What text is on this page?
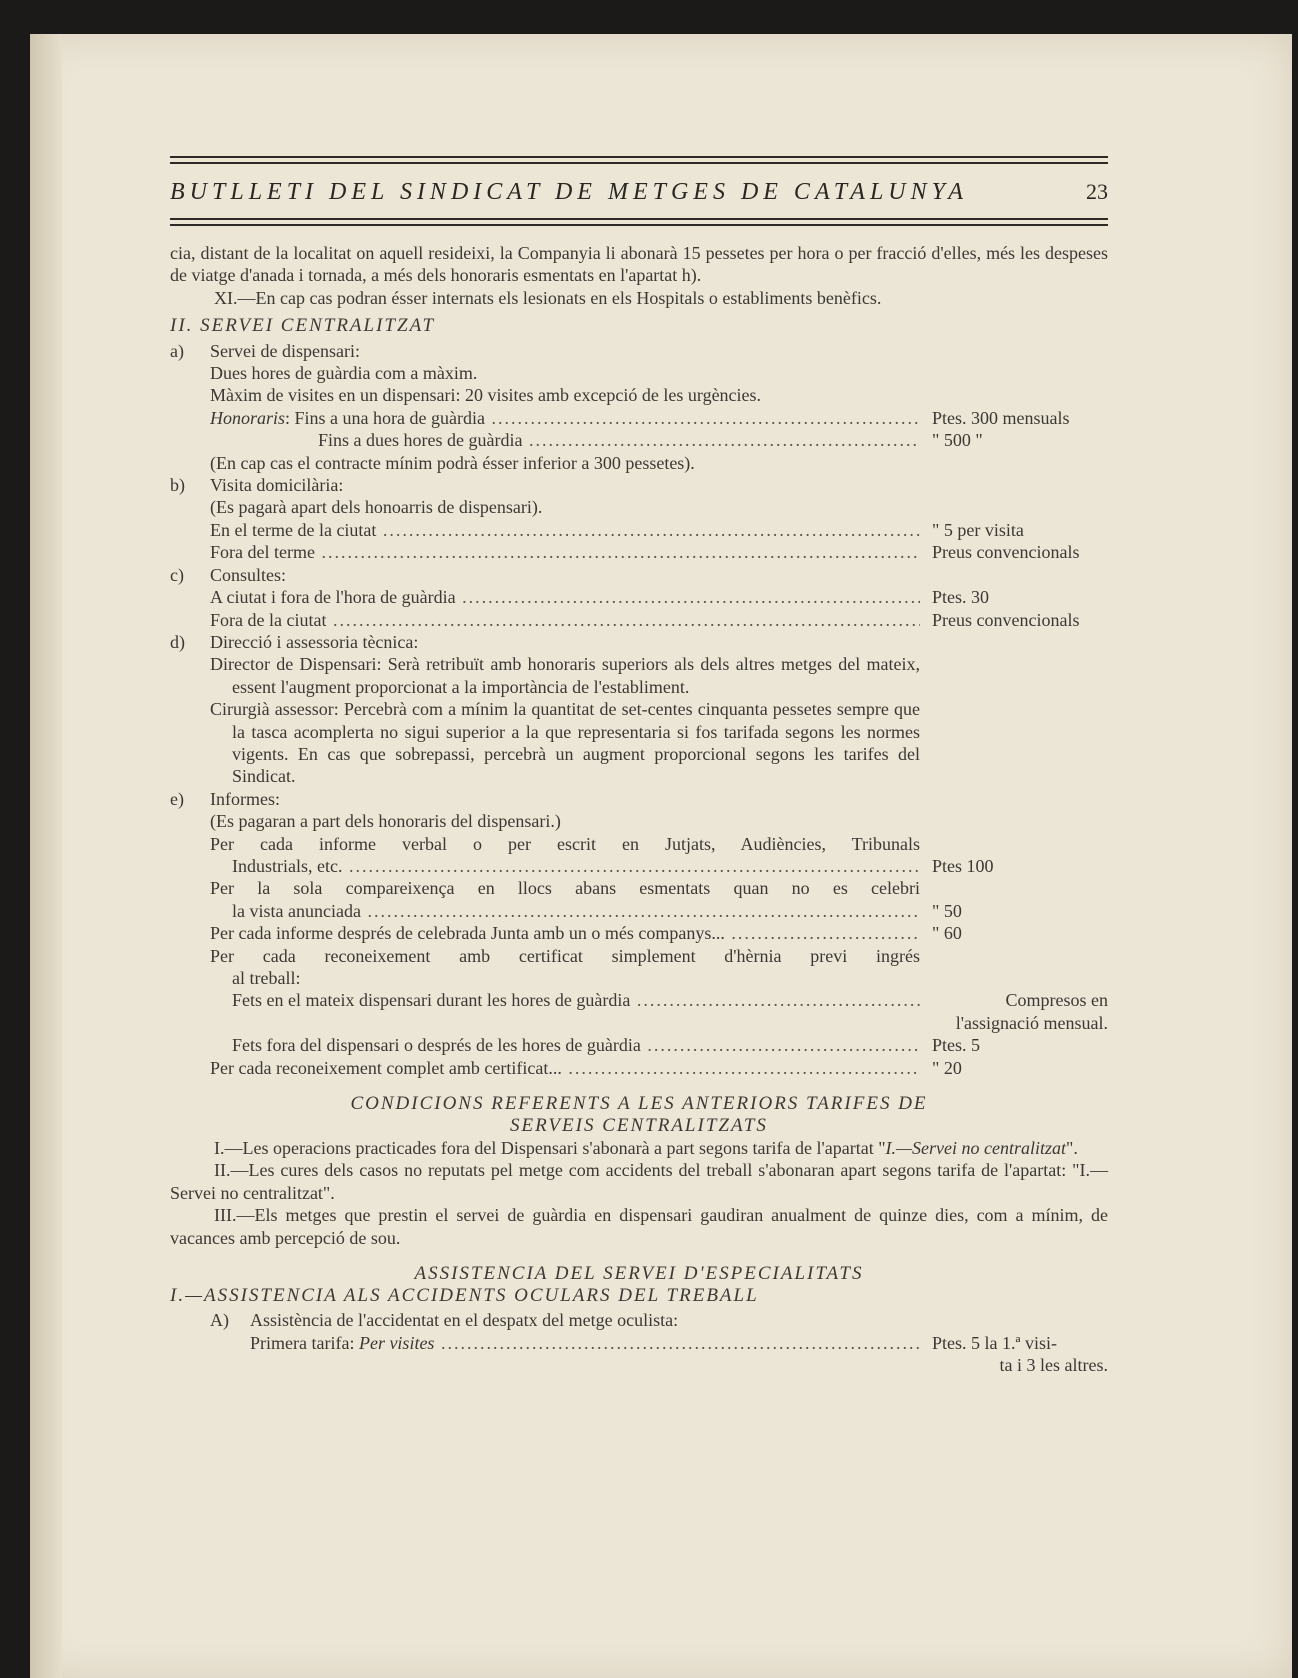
BUTLLETI DEL SINDICAT DE METGES DE CATALUNYA	23

cia, distant de la localitat on aquell resideixi, la Companyia li abonarà 15 pessetes per hora o per fracció d'elles, més les despeses de viatge d'anada i tornada, a més dels honoraris esmentats en l'apartat h).

XI.—En cap cas podran ésser internats els lesionats en els Hospitals o establiments benèfics.

II. SERVEI CENTRALITZAT
a)	Servei de dispensari:
Dues hores de guàrdia com a màxim.
Màxim de visites en un dispensari: 20 visites amb excepció de les urgències.
Honoraris: Fins a una hora de guàrdia .....	Ptes. 300 mensuals
Fins a dues hores de guàrdia .....	" 500 "
(En cap cas el contracte mínim podrà ésser inferior a 300 pessetes).
b)	Visita domicilària:
(Es pagarà apart dels honoarris de dispensari).
En el terme de la ciutat .....	" 5 per visita
Fora del terme .....	Preus convencionals
c)	Consultes:
A ciutat i fora de l'hora de guàrdia .....	Ptes. 30
Fora de la ciutat .....	Preus convencionals
d)	Direcció i assessoria tècnica:

Director de Dispensari: Serà retribuït amb honoraris superiors als dels altres metges del mateix, essent l'augment proporcionat a la importància de l'establiment.

Cirurgià assessor: Percebrà com a mínim la quantitat de set-centes cinquanta pessetes sempre que la tasca acomplerta no sigui superior a la que representaria si fos tarifada segons les normes vigents. En cas que sobrepassi, percebrà un augment proporcional segons les tarifes del Sindicat.

e)	Informes:
(Es pagaran a part dels honoraris del dispensari.)
Per cada informe verbal o per escrit en Jutjats, Audiències, Tribunals
Industrials, etc. .....	Ptes 100
Per la sola compareixença en llocs abans esmentats quan no es celebri
la vista anunciada .....	" 50
Per cada informe després de celebrada Junta amb un o més companys... .....	" 60
Per cada reconeixement amb certificat simplement d'hèrnia previ ingrés
al treball:
Fets en el mateix dispensari durant les hores de guàrdia .....	Compresos en l'assignació mensual.
Fets fora del dispensari o després de les hores de guàrdia .....	Ptes. 5
Per cada reconeixement complet amb certificat... .....	" 20
CONDICIONS REFERENTS A LES ANTERIORS TARIFES DE
SERVEIS CENTRALITZATS

I.—Les operacions practicades fora del Dispensari s'abonarà a part segons tarifa de l'apartat "I.—Servei no centralitzat".

II.—Les cures dels casos no reputats pel metge com accidents del treball s'abonaran apart segons tarifa de l'apartat: "I.—Servei no centralitzat".

III.—Els metges que prestin el servei de guàrdia en dispensari gaudiran anualment de quinze dies, com a mínim, de vacances amb percepció de sou.

ASSISTENCIA DEL SERVEI D'ESPECIALITATS
I.—ASSISTENCIA ALS ACCIDENTS OCULARS DEL TREBALL
A)	Assistència de l'accidentat en el despatx del metge oculista:
Primera tarifa: Per visites .....	Ptes. 5 la 1.ª visi-
ta i 3 les altres.
